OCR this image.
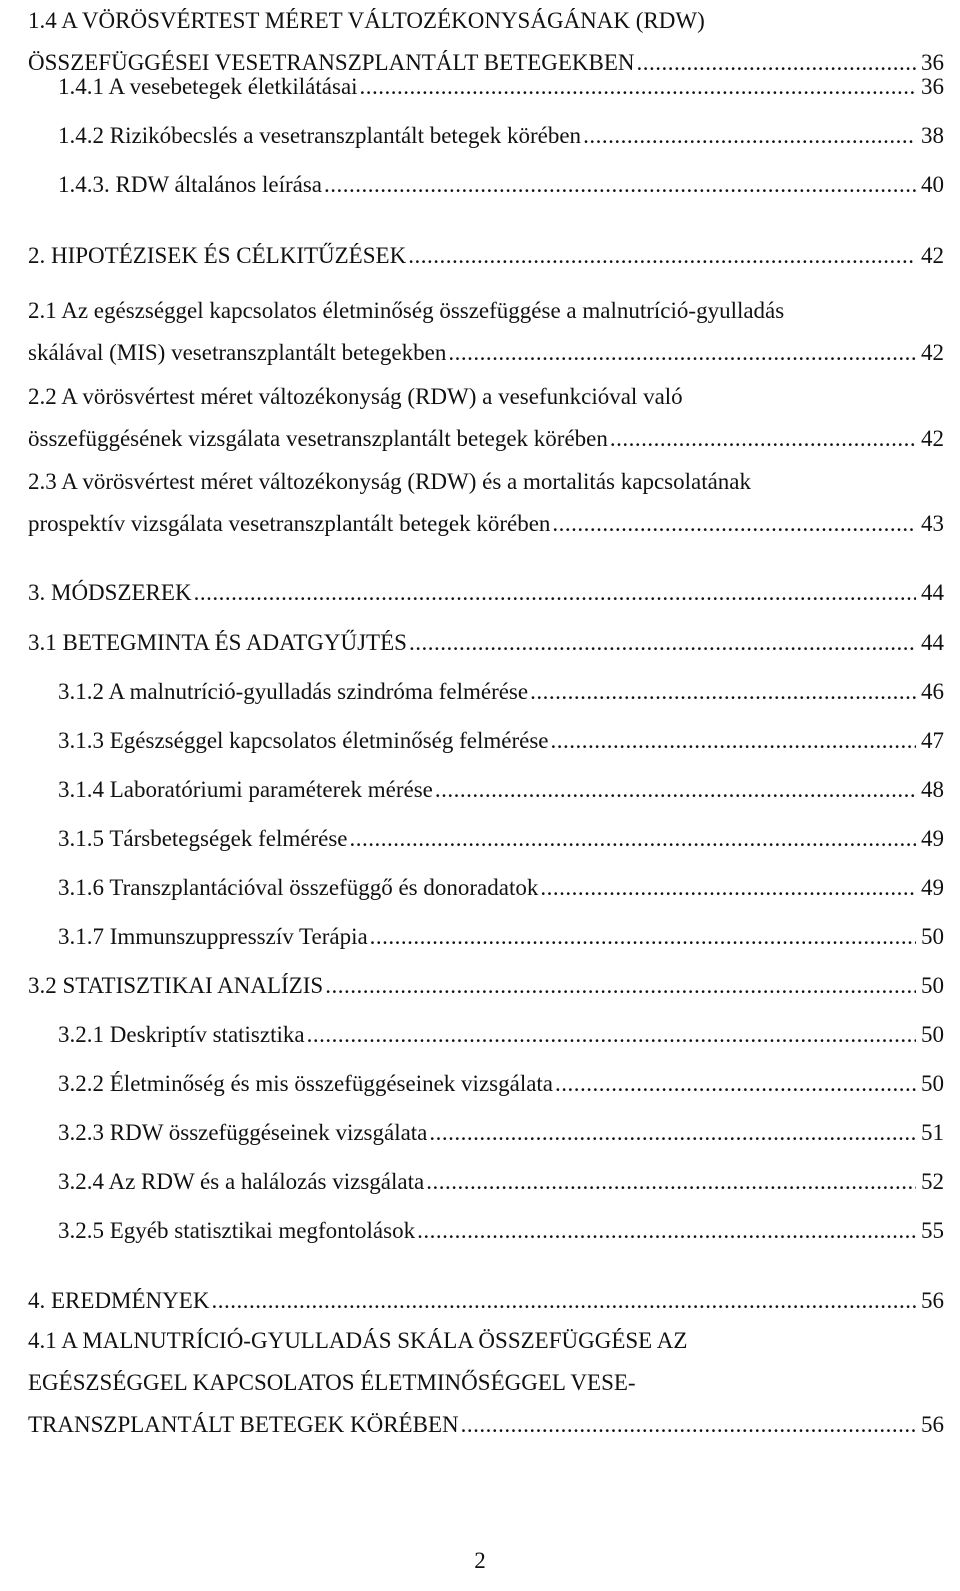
1.4 A VÖRÖSVÉRTEST MÉRET VÁLTOZÉKONYSÁGÁNAK (RDW)
ÖSSZEFÜGGÉSEI VESETRANSZPLANTÁLT BETEGEKBEN .....	36
1.4.1 A vesebetegek életkilátásai .....	36
1.4.2 Rizikóbecslés a vesetranszplantált betegek körében .....	38
1.4.3. RDW általános leírása .....	40
2. HIPOTÉZISEK ÉS CÉLKITŰZÉSEK .....	42
2.1 Az egészséggel kapcsolatos életminőség összefüggése a malnutríció-gyulladás
skálával (MIS) vesetranszplantált betegekben .....	42
2.2 A vörösvértest méret változékonyság (RDW) a vesefunkcióval való
összefüggésének vizsgálata vesetranszplantált betegek körében .....	42
2.3 A vörösvértest méret változékonyság (RDW) és a mortalitás kapcsolatának
prospektív vizsgálata vesetranszplantált betegek körében .....	43
3. MÓDSZEREK .....	44
3.1 BETEGMINTA ÉS ADATGYŰJTÉS .....	44
3.1.2 A malnutríció-gyulladás szindróma felmérése .....	46
3.1.3 Egészséggel kapcsolatos életminőség felmérése .....	47
3.1.4 Laboratóriumi paraméterek mérése .....	48
3.1.5 Társbetegségek felmérése .....	49
3.1.6 Transzplantációval összefüggő és donoradatok .....	49
3.1.7 Immunszuppresszív Terápia .....	50
3.2 STATISZTIKAI ANALÍZIS .....	50
3.2.1 Deskriptív statisztika .....	50
3.2.2 Életminőség és mis összefüggéseinek vizsgálata .....	50
3.2.3 RDW összefüggéseinek vizsgálata .....	51
3.2.4 Az RDW és a halálozás vizsgálata .....	52
3.2.5 Egyéb statisztikai megfontolások .....	55
4. EREDMÉNYEK .....	56
4.1 A MALNUTRÍCIÓ-GYULLADÁS SKÁLA ÖSSZEFÜGGÉSE AZ
EGÉSZSÉGGEL KAPCSOLATOS ÉLETMINŐSÉGGEL VESE-
TRANSZPLANTÁLT BETEGEK KÖRÉBEN .....	56
2
